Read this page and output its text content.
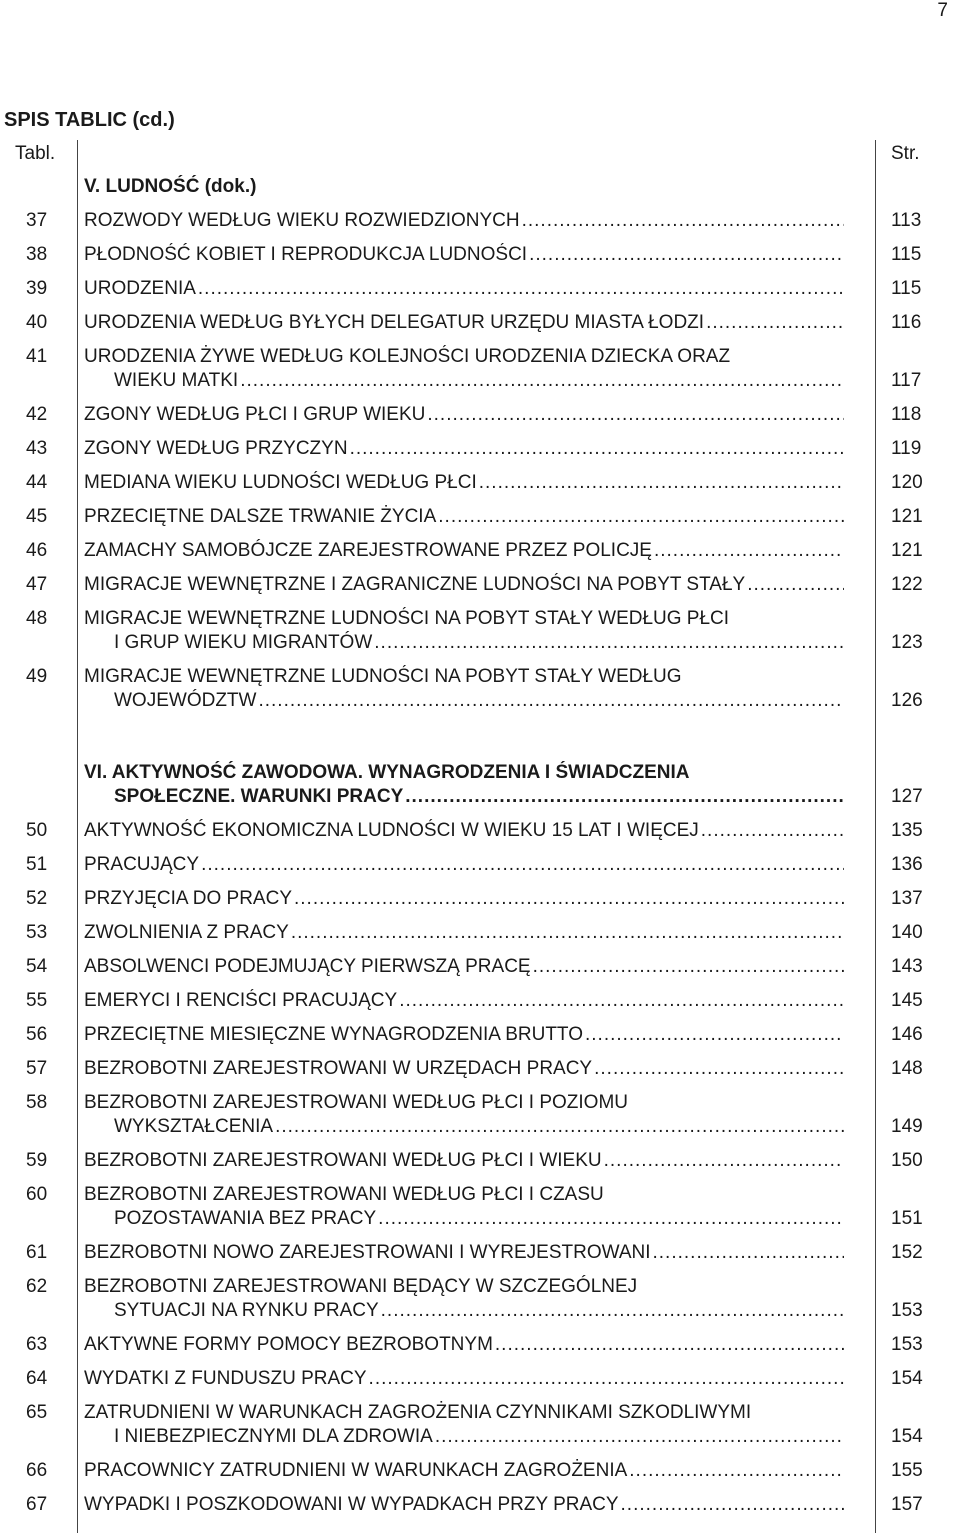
7
SPIS TABLIC (cd.)
Tabl.	Str.
V. LUDNOŚĆ (dok.)
37 ROZWODY WEDŁUG WIEKU ROZWIEDZIONYCH .....	113
38 PŁODNOŚĆ KOBIET I REPRODUKCJA LUDNOŚCI .....	115
39 URODZENIA .....	115
40 URODZENIA WEDŁUG BYŁYCH DELEGATUR URZĘDU MIASTA ŁODZI .....	116
41 URODZENIA ŻYWE WEDŁUG KOLEJNOŚCI URODZENIA DZIECKA ORAZ
WIEKU MATKI .....	117
42 ZGONY WEDŁUG PŁCI I GRUP WIEKU .....	118
43 ZGONY WEDŁUG PRZYCZYN .....	119
44 MEDIANA WIEKU LUDNOŚCI WEDŁUG PŁCI .....	120
45 PRZECIĘTNE DALSZE TRWANIE ŻYCIA .....	121
46 ZAMACHY SAMOBÓJCZE ZAREJESTROWANE PRZEZ POLICJĘ .....	121
47 MIGRACJE WEWNĘTRZNE I ZAGRANICZNE LUDNOŚCI NA POBYT STAŁY .....	122
48 MIGRACJE WEWNĘTRZNE LUDNOŚCI NA POBYT STAŁY WEDŁUG PŁCI
I GRUP WIEKU MIGRANTÓW .....	123
49 MIGRACJE WEWNĘTRZNE LUDNOŚCI NA POBYT STAŁY WEDŁUG
WOJEWÓDZTW .....	126
VI. AKTYWNOŚĆ ZAWODOWA. WYNAGRODZENIA I ŚWIADCZENIA
SPOŁECZNE. WARUNKI PRACY .....	127
50 AKTYWNOŚĆ EKONOMICZNA LUDNOŚCI W WIEKU 15 LAT I WIĘCEJ .....	135
51 PRACUJĄCY .....	136
52 PRZYJĘCIA DO PRACY .....	137
53 ZWOLNIENIA Z PRACY .....	140
54 ABSOLWENCI PODEJMUJĄCY PIERWSZĄ PRACĘ .....	143
55 EMERYCI I RENCIŚCI PRACUJĄCY .....	145
56 PRZECIĘTNE MIESIĘCZNE WYNAGRODZENIA BRUTTO .....	146
57 BEZROBOTNI ZAREJESTROWANI W URZĘDACH PRACY .....	148
58 BEZROBOTNI ZAREJESTROWANI WEDŁUG PŁCI I POZIOMU
WYKSZTAŁCENIA .....	149
59 BEZROBOTNI ZAREJESTROWANI WEDŁUG PŁCI I WIEKU .....	150
60 BEZROBOTNI ZAREJESTROWANI WEDŁUG PŁCI I CZASU
POZOSTAWANIA BEZ PRACY .....	151
61 BEZROBOTNI NOWO ZAREJESTROWANI I WYREJESTROWANI .....	152
62 BEZROBOTNI ZAREJESTROWANI BĘDĄCY W SZCZEGÓLNEJ
SYTUACJI NA RYNKU PRACY .....	153
63 AKTYWNE FORMY POMOCY BEZROBOTNYM .....	153
64 WYDATKI Z FUNDUSZU PRACY .....	154
65 ZATRUDNIENI W WARUNKACH ZAGROŻENIA CZYNNIKAMI SZKODLIWYMI
I NIEBEZPIECZNYMI DLA ZDROWIA .....	154
66 PRACOWNICY ZATRUDNIENI W WARUNKACH ZAGROŻENIA .....	155
67 WYPADKI I POSZKODOWANI W WYPADKACH PRZY PRACY .....	157
